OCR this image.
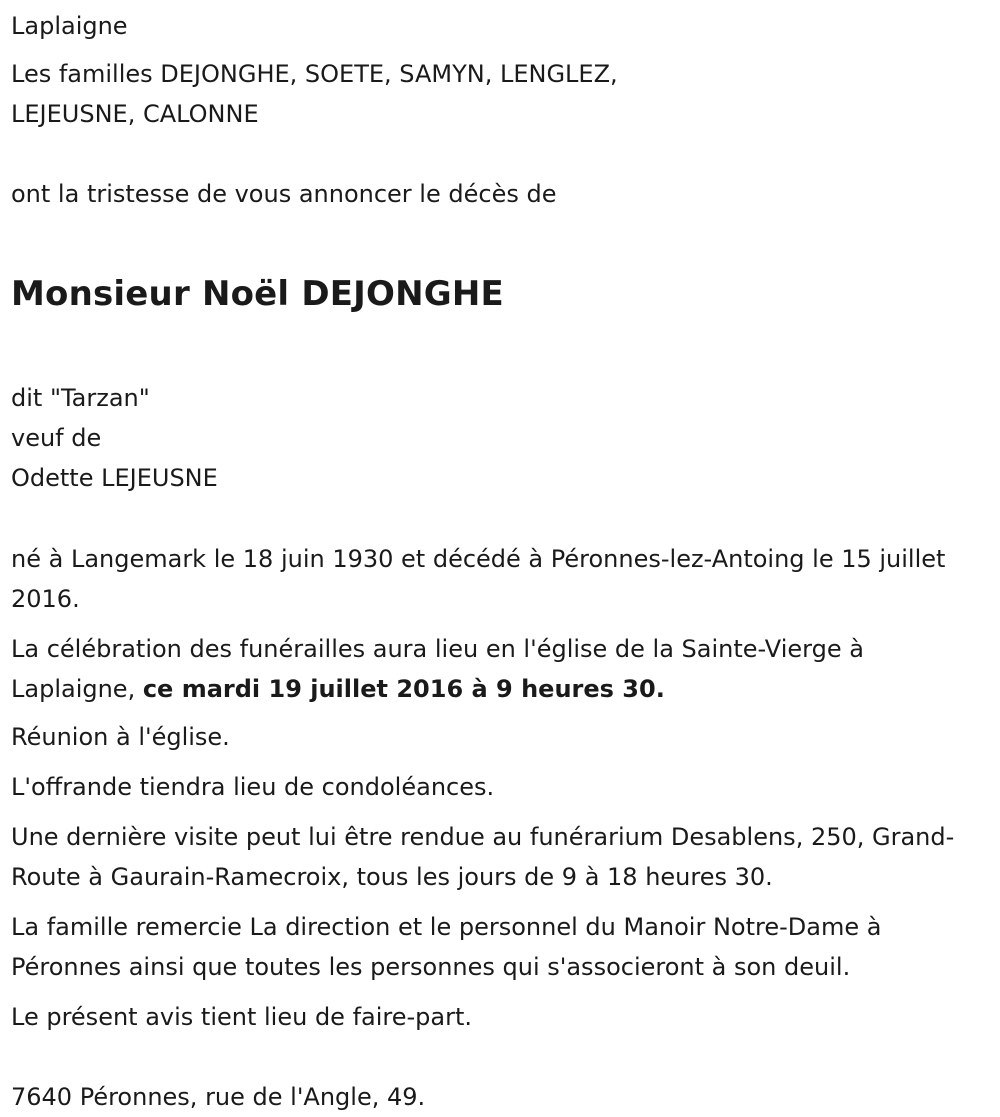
Laplaigne

Les familles DEJONGHE, SOETE, SAMYN, LENGLEZ,

LEJEUSNE, CALONNE

ont la tristesse de vous annoncer le décès de

Monsieur Noël DEJONGHE

dit "Tarzan"

veuf de

Odette LEJEUSNE

né à Langemark le 18 juin 1930 et décédé à Péronnes-lez-Antoing le 15 juillet 2016.

La célébration des funérailles aura lieu en l'église de la Sainte-Vierge à Laplaigne, ce mardi 19 juillet 2016 à 9 heures 30.

Réunion à l'église.

L'offrande tiendra lieu de condoléances.

Une dernière visite peut lui être rendue au funérarium Desablens, 250, Grand-Route à Gaurain-Ramecroix, tous les jours de 9 à 18 heures 30.

La famille remercie La direction et le personnel du Manoir Notre-Dame à Péronnes ainsi que toutes les personnes qui s'associeront à son deuil.

Le présent avis tient lieu de faire-part.

7640 Péronnes, rue de l'Angle, 49.
